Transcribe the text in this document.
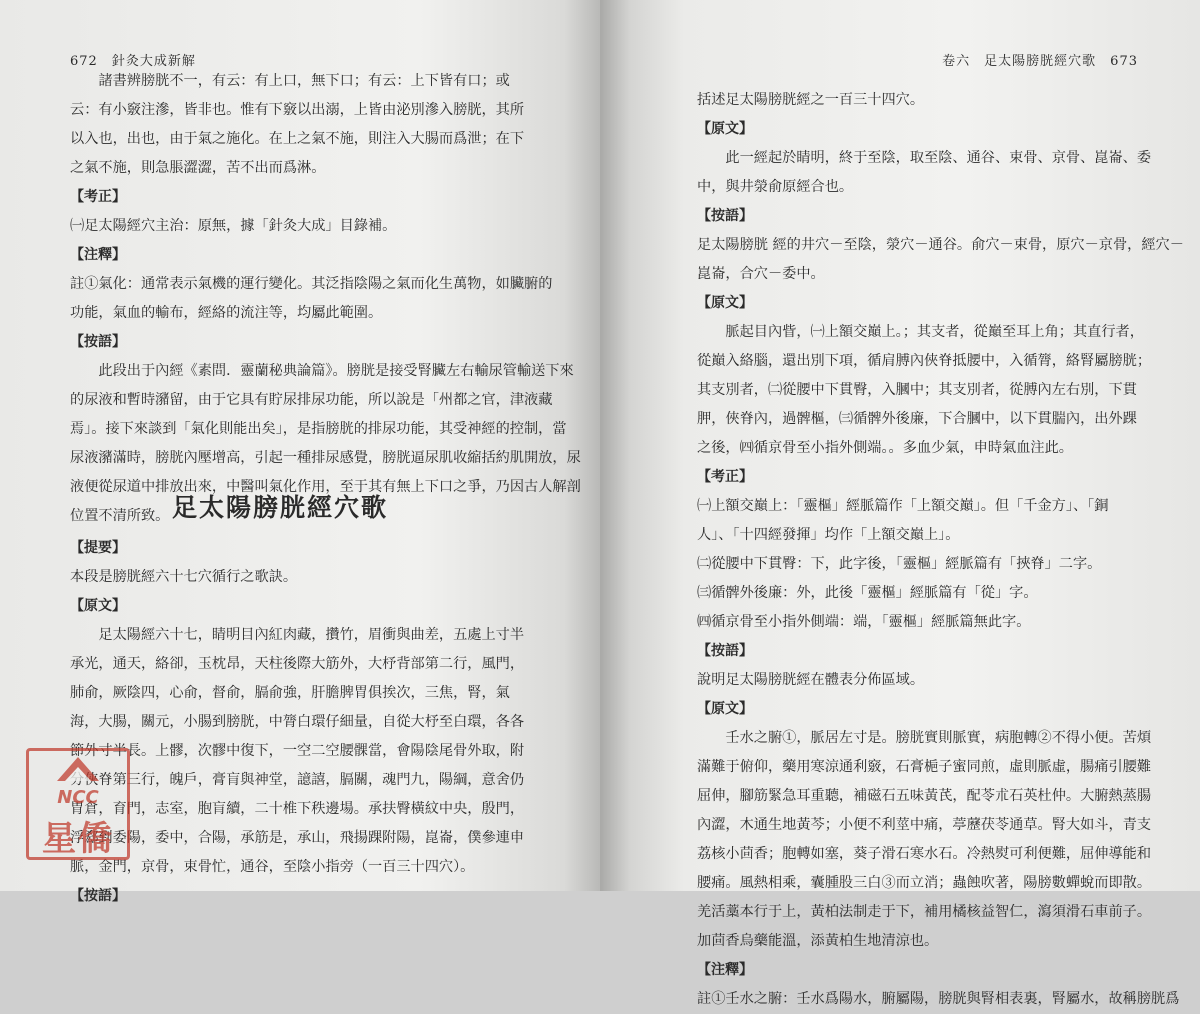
672　針灸大成新解
　　諸書辨膀胱不一，有云：有上口，無下口；有云：上下皆有口；或
云：有小竅注滲，皆非也。惟有下竅以出溺，上皆由泌別滲入膀胱，其所
以入也，出也，由于氣之施化。在上之氣不施，則注入大腸而爲泄；在下
之氣不施，則急脹澀澀，苦不出而爲淋。
【考正】
㈠足太陽經穴主治：原無，據「針灸大成」目錄補。
【注釋】
註①氣化：通常表示氣機的運行變化。其泛指陰陽之氣而化生萬物，如臟腑的
功能，氣血的輸布，經絡的流注等，均屬此範圍。
【按語】
　　此段出于內經《素問．靈蘭秘典論篇》。膀胱是接受腎臟左右輸尿管輸送下來
的尿液和暫時瀦留，由于它具有貯尿排尿功能，所以說是「州都之官，津液藏
焉」。接下來談到「氣化則能出矣」，是指膀胱的排尿功能，其受神經的控制，當
尿液瀦滿時，膀胱內壓增高，引起一種排尿感覺，膀胱逼尿肌收縮括約肌開放，尿
液便從尿道中排放出來，中醫叫氣化作用，至于其有無上下口之爭，乃因古人解剖
位置不清所致。 足太陽膀胱經穴歌
【提要】
本段是膀胱經六十七穴循行之歌訣。
【原文】
　　足太陽經六十七，睛明目內紅肉藏，攢竹，眉衝與曲差，五處上寸半
承光，通天，絡卻，玉枕昂，天柱後際大筋外，大杼背部第二行，風門，
肺俞，厥陰四，心俞，督俞，膈俞強，肝膽脾胃俱挨次，三焦，腎，氣
海，大腸，關元，小腸到膀胱，中膂白環仔細量，自從大杼至白環，各各
節外寸半長。上髎，次髎中復下，一空二空腰髁當，會陽陰尾骨外取，附
分俠脊第三行，魄戶，膏肓與神堂，譩譆，膈關，魂門九，陽綱，意舍仍
胃倉，育門，志室，胞肓續，二十椎下秩邊場。承扶臀橫紋中央，殷門，
浮郄到委陽，委中，合陽，承筋是，承山，飛揚踝附陽，崑崙，僕參連申
脈，金門，京骨，束骨忙，通谷，至陰小指旁（一百三十四穴）。
【按語】
NCC
星僑
卷六　足太陽膀胱經穴歌　673
括述足太陽膀胱經之一百三十四穴。
【原文】
　　此一經起於睛明，終于至陰，取至陰、通谷、束骨、京骨、崑崙、委
中，與井滎俞原經合也。
【按語】
足太陽膀胱 經的井穴－至陰，滎穴－通谷。俞穴－束骨，原穴－京骨，經穴－
崑崙，合穴－委中。
【原文】
　　脈起目內眥，㈠上額交巔上。；其支者，從巔至耳上角；其直行者，
從巔入絡腦，還出別下項，循肩膊內俠脊抵腰中，入循膂，絡腎屬膀胱；
其支別者，㈡從腰中下貫臀，入膕中；其支別者，從膊內左右別，下貫
胛，俠脊內，過髀樞，㈢循髀外後廉，下合膕中，以下貫腨內，出外踝
之後，㈣循京骨至小指外側端。。多血少氣，申時氣血注此。
【考正】
㈠上額交巔上：「靈樞」經脈篇作「上額交巔」。但「千金方」、「銅
人」、「十四經發揮」均作「上額交巔上」。
㈡從腰中下貫臀：下，此字後，「靈樞」經脈篇有「挾脊」二字。
㈢循髀外後廉：外，此後「靈樞」經脈篇有「從」字。
㈣循京骨至小指外側端：端，「靈樞」經脈篇無此字。
【按語】
說明足太陽膀胱經在體表分佈區域。
【原文】
　　壬水之腑①，脈居左寸是。膀胱實則脈實，病胞轉②不得小便。苦煩
滿難于俯仰，藥用寒涼通利竅，石膏梔子蜜同煎，虛則脈虛，腸痛引腰難
屈伸，腳筋緊急耳重聽，補磁石五味黃芪，配苓朮石英杜仲。大腑熱蒸腸
內澀，木通生地黃芩；小便不利莖中痛，葶藶茯苓通草。腎大如斗，青支
荔核小茴香；胞轉如塞，葵子滑石寒水石。冷熱熨可利便難，屈伸導能和
腰痛。風熱相乘，囊腫股三白③而立消；蟲蝕吹著，陽膀數蟬蛻而即散。
羌活藁本行于上，黃柏法制走于下，補用橘核益智仁，瀉須滑石車前子。
加茴香烏藥能溫，添黃柏生地清涼也。
【注釋】
註①壬水之腑：壬水爲陽水，腑屬陽，膀胱與腎相表裏，腎屬水，故稱膀胱爲
